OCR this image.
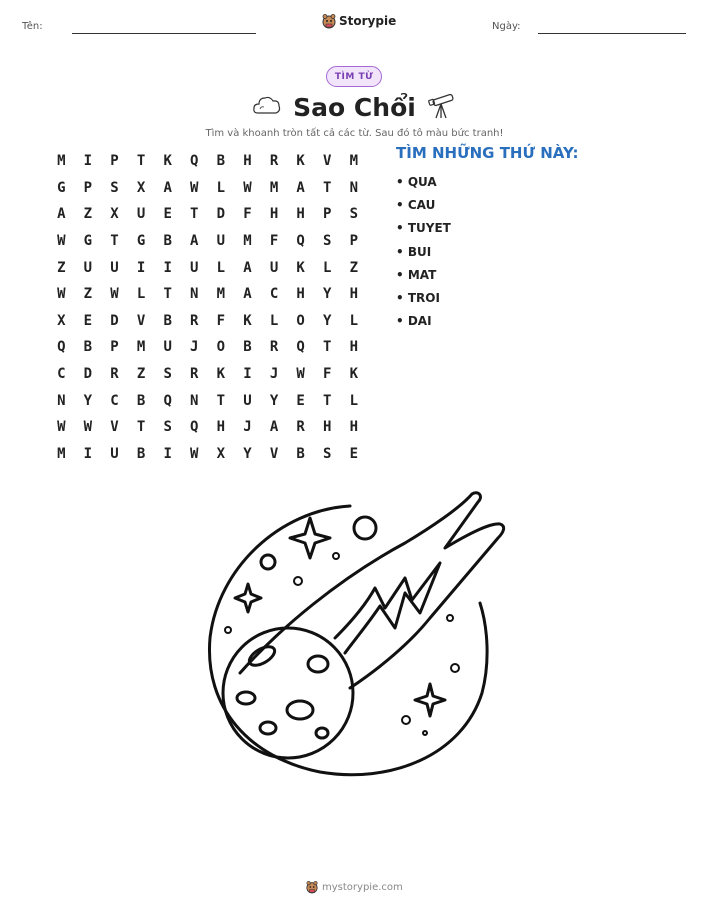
Tên:	Storypie	Ngày:
TÌM TỪ
Sao Chổi
Tìm và khoanh tròn tất cả các từ. Sau đó tô màu bức tranh!
M	I	P	T	K	Q	B	H	R	K	V	M
G	P	S	X	A	W	L	W	M	A	T	N
A	Z	X	U	E	T	D	F	H	H	P	S
W	G	T	G	B	A	U	M	F	Q	S	P
Z	U	U	I	I	U	L	A	U	K	L	Z
W	Z	W	L	T	N	M	A	C	H	Y	H
X	E	D	V	B	R	F	K	L	O	Y	L
Q	B	P	M	U	J	O	B	R	Q	T	H
C	D	R	Z	S	R	K	I	J	W	F	K
N	Y	C	B	Q	N	T	U	Y	E	T	L
W	W	V	T	S	Q	H	J	A	R	H	H
M	I	U	B	I	W	X	Y	V	B	S	E
TÌM NHỮNG THỨ NÀY:
• QUA
• CAU
• TUYET
• BUI
• MAT
• TROI
• DAI
mystorypie.com
